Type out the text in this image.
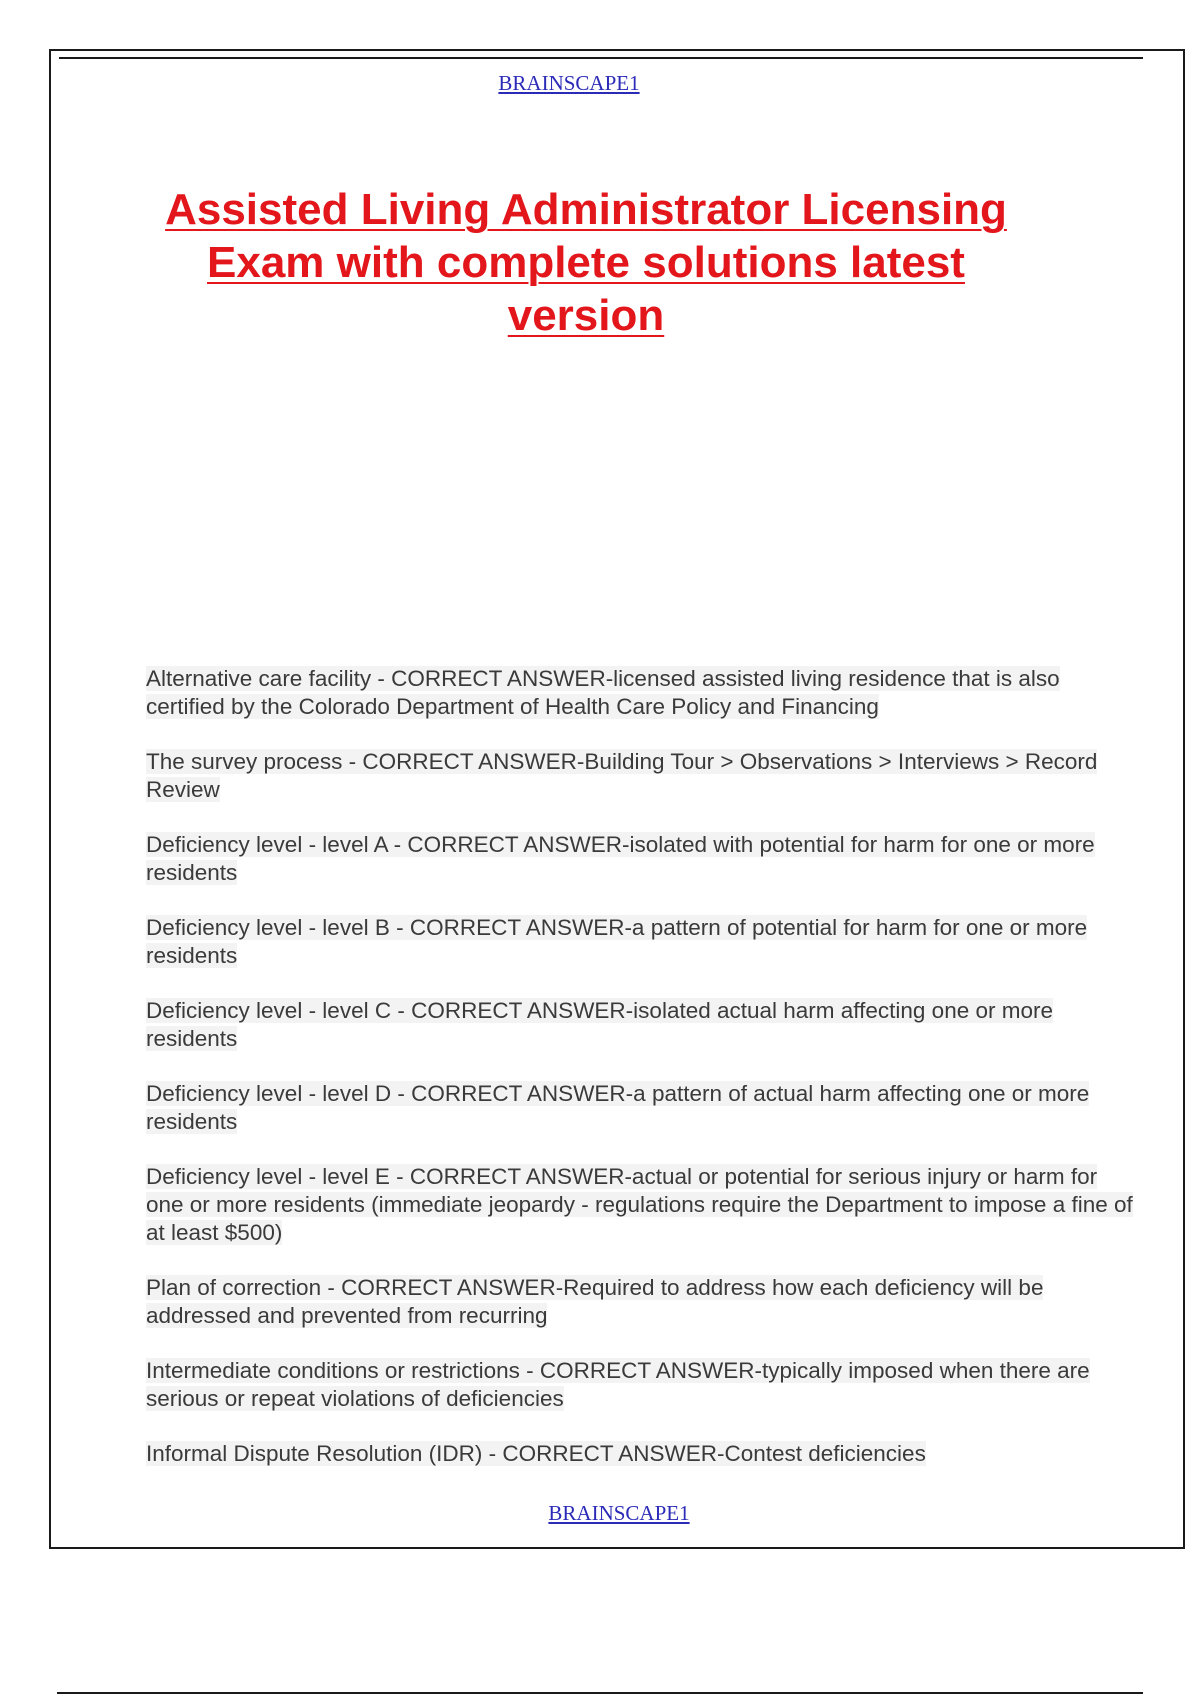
BRAINSCAPE1
Assisted Living Administrator Licensing
Exam with complete solutions latest
version
Alternative care facility - CORRECT ANSWER-licensed assisted living residence that is also certified by the Colorado Department of Health Care Policy and Financing
The survey process - CORRECT ANSWER-Building Tour > Observations > Interviews > Record Review
Deficiency level - level A - CORRECT ANSWER-isolated with potential for harm for one or more residents
Deficiency level - level B - CORRECT ANSWER-a pattern of potential for harm for one or more residents
Deficiency level - level C - CORRECT ANSWER-isolated actual harm affecting one or more residents
Deficiency level - level D - CORRECT ANSWER-a pattern of actual harm affecting one or more residents
Deficiency level - level E - CORRECT ANSWER-actual or potential for serious injury or harm for one or more residents (immediate jeopardy - regulations require the Department to impose a fine of at least $500)
Plan of correction - CORRECT ANSWER-Required to address how each deficiency will be addressed and prevented from recurring
Intermediate conditions or restrictions - CORRECT ANSWER-typically imposed when there are serious or repeat violations of deficiencies
Informal Dispute Resolution (IDR) - CORRECT ANSWER-Contest deficiencies
BRAINSCAPE1
